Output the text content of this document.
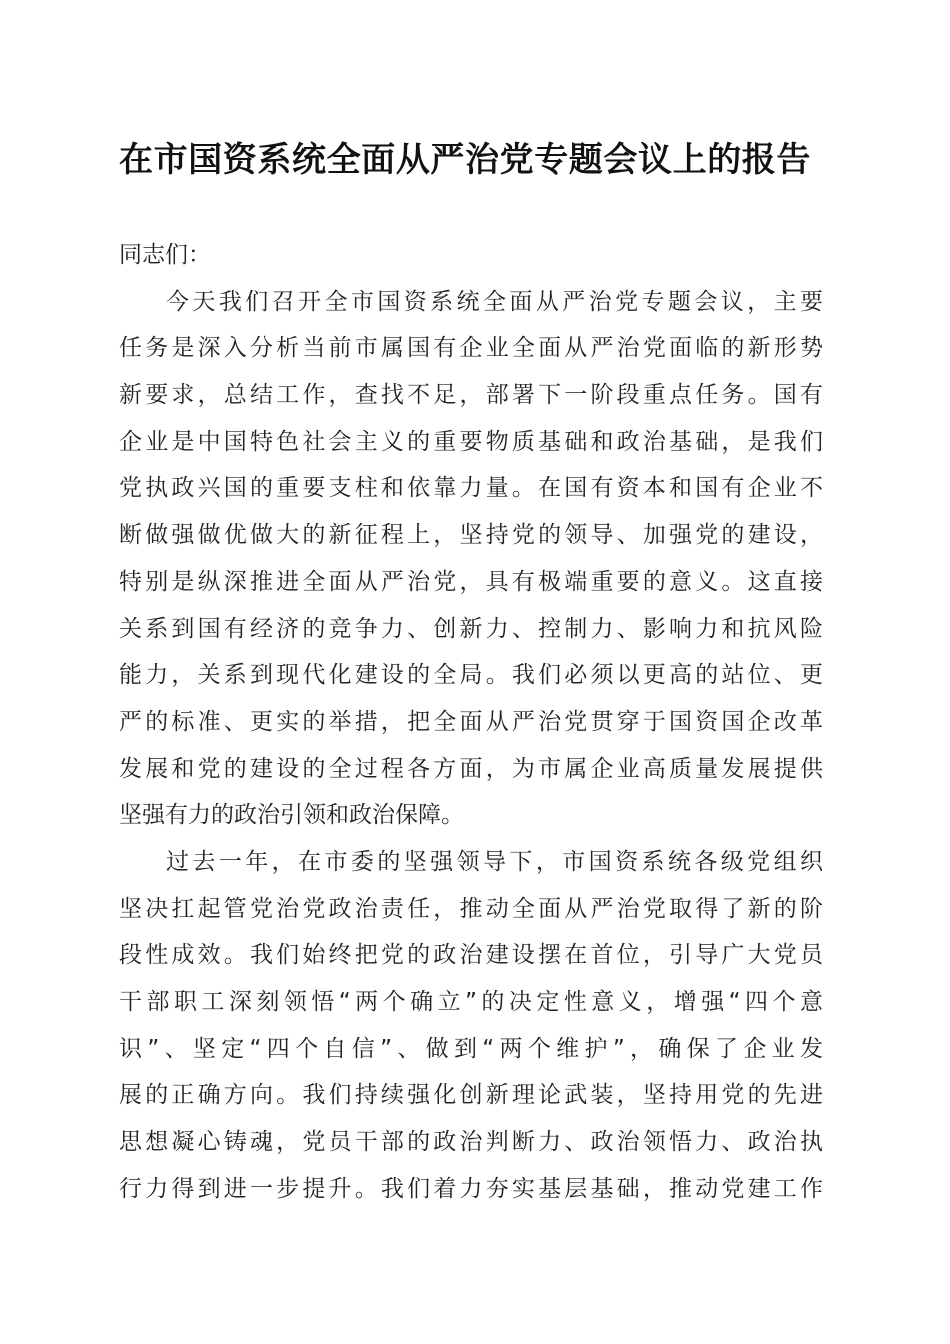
在市国资系统全面从严治党专题会议上的报告
同志们：
今天我们召开全市国资系统全面从严治党专题会议，主要
任务是深入分析当前市属国有企业全面从严治党面临的新形势
新要求，总结工作，查找不足，部署下一阶段重点任务。国有
企业是中国特色社会主义的重要物质基础和政治基础，是我们
党执政兴国的重要支柱和依靠力量。在国有资本和国有企业不
断做强做优做大的新征程上，坚持党的领导、加强党的建设，
特别是纵深推进全面从严治党，具有极端重要的意义。这直接
关系到国有经济的竞争力、创新力、控制力、影响力和抗风险
能力，关系到现代化建设的全局。我们必须以更高的站位、更
严的标准、更实的举措，把全面从严治党贯穿于国资国企改革
发展和党的建设的全过程各方面，为市属企业高质量发展提供
坚强有力的政治引领和政治保障。
过去一年，在市委的坚强领导下，市国资系统各级党组织
坚决扛起管党治党政治责任，推动全面从严治党取得了新的阶
段性成效。我们始终把党的政治建设摆在首位，引导广大党员
干部职工深刻领悟“两个确立”的决定性意义，增强“四个意
识”、坚定“四个自信”、做到“两个维护”，确保了企业发
展的正确方向。我们持续强化创新理论武装，坚持用党的先进
思想凝心铸魂，党员干部的政治判断力、政治领悟力、政治执
行力得到进一步提升。我们着力夯实基层基础，推动党建工作
